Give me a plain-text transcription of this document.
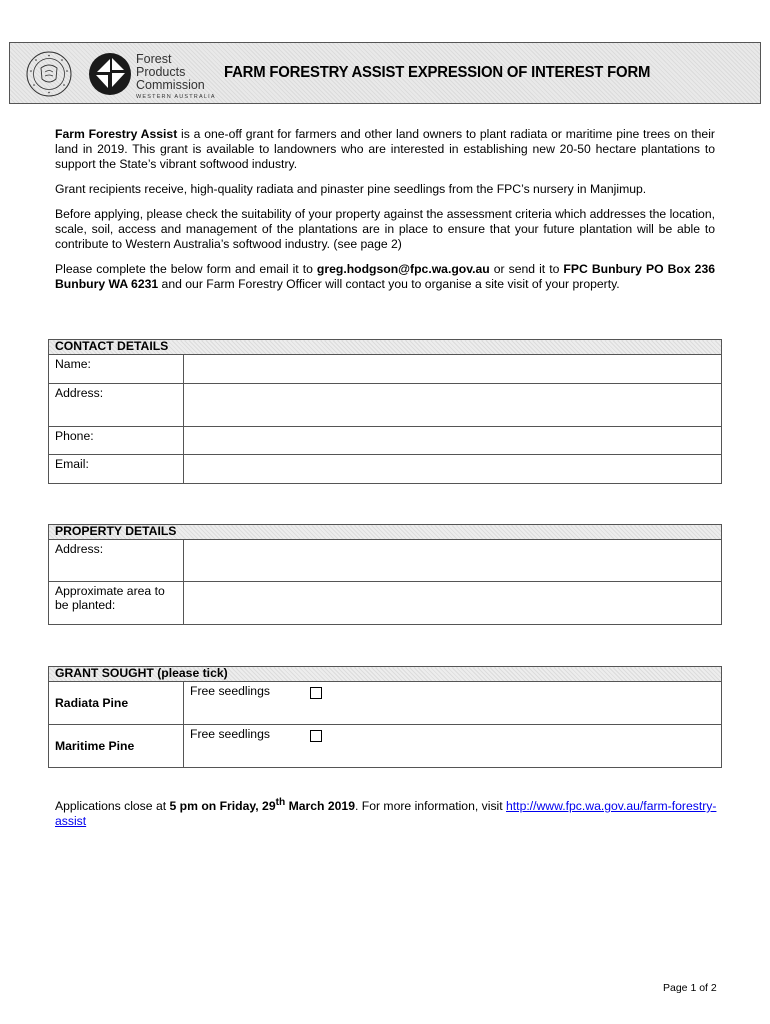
Forest
Products
Commission
WESTERN AUSTRALIA
FARM FORESTRY ASSIST EXPRESSION OF INTEREST FORM

Farm Forestry Assist is a one-off grant for farmers and other land owners to plant radiata or maritime pine trees on their land in 2019. This grant is available to landowners who are interested in establishing new 20-50 hectare plantations to support the State’s vibrant softwood industry.

Grant recipients receive, high-quality radiata and pinaster pine seedlings from the FPC’s nursery in Manjimup.

Before applying, please check the suitability of your property against the assessment criteria which addresses the location, scale, soil, access and management of the plantations are in place to ensure that your future plantation will be able to contribute to Western Australia’s softwood industry. (see page 2)

Please complete the below form and email it to greg.hodgson@fpc.wa.gov.au or send it to FPC Bunbury PO Box 236 Bunbury WA 6231 and our Farm Forestry Officer will contact you to organise a site visit of your property.

CONTACT DETAILS	
Name:	
Address:	
Phone:	
Email:	
PROPERTY DETAILS	
Address:	
Approximate area to be planted:	
GRANT SOUGHT (please tick)	
Radiata Pine	Free seedlings

Maritime Pine	Free seedlings
Applications close at 5 pm on Friday, 29th March 2019. For more information, visit http://www.fpc.wa.gov.au/farm-forestry-assist
Page 1 of 2
